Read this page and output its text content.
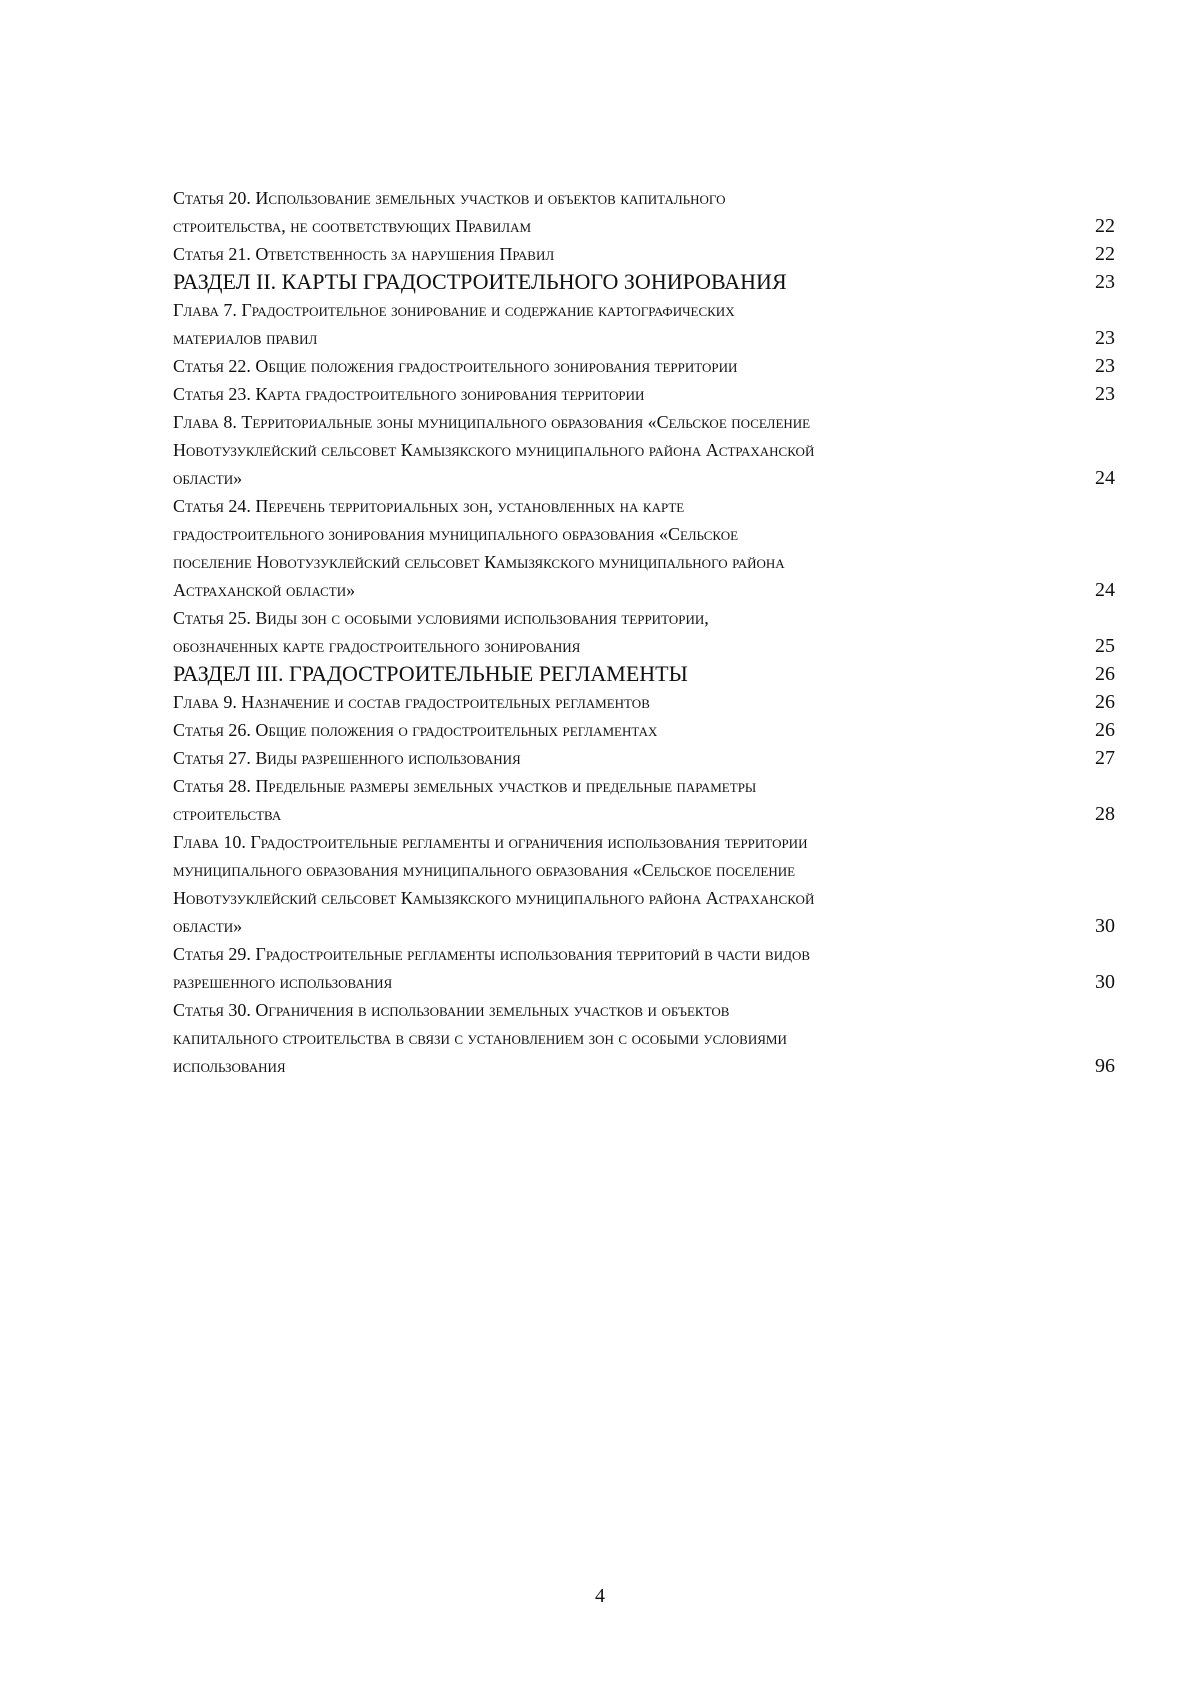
Статья 20. Использование земельных участков и объектов капитального
строительства, не соответствующих Правилам	22
Статья 21. Ответственность за нарушения Правил	22
РАЗДЕЛ II. КАРТЫ ГРАДОСТРОИТЕЛЬНОГО ЗОНИРОВАНИЯ	23
Глава 7. Градостроительное зонирование и содержание картографических
материалов правил	23
Статья 22. Общие положения градостроительного зонирования территории	23
Статья 23. Карта градостроительного зонирования территории	23
Глава 8. Территориальные зоны муниципального образования «Сельское поселение
Новотузуклейский сельсовет Камызякского муниципального района Астраханской
области»	24
Статья 24. Перечень территориальных зон, установленных на карте
градостроительного зонирования муниципального образования «Сельское
поселение Новотузуклейский сельсовет Камызякского муниципального района
Астраханской области»	24
Статья 25. Виды зон с особыми условиями использования территории,
обозначенных карте градостроительного зонирования	25
РАЗДЕЛ III. ГРАДОСТРОИТЕЛЬНЫЕ РЕГЛАМЕНТЫ	26
Глава 9. Назначение и состав градостроительных регламентов	26
Статья 26. Общие положения о градостроительных регламентах	26
Статья 27. Виды разрешенного использования	27
Статья 28. Предельные размеры земельных участков и предельные параметры
строительства	28
Глава 10. Градостроительные регламенты и ограничения использования территории
муниципального образования муниципального образования «Сельское поселение
Новотузуклейский сельсовет Камызякского муниципального района Астраханской
области»	30
Статья 29. Градостроительные регламенты использования территорий в части видов
разрешенного использования	30
Статья 30. Ограничения в использовании земельных участков и объектов
капитального строительства в связи с установлением зон с особыми условиями
использования	96
4
